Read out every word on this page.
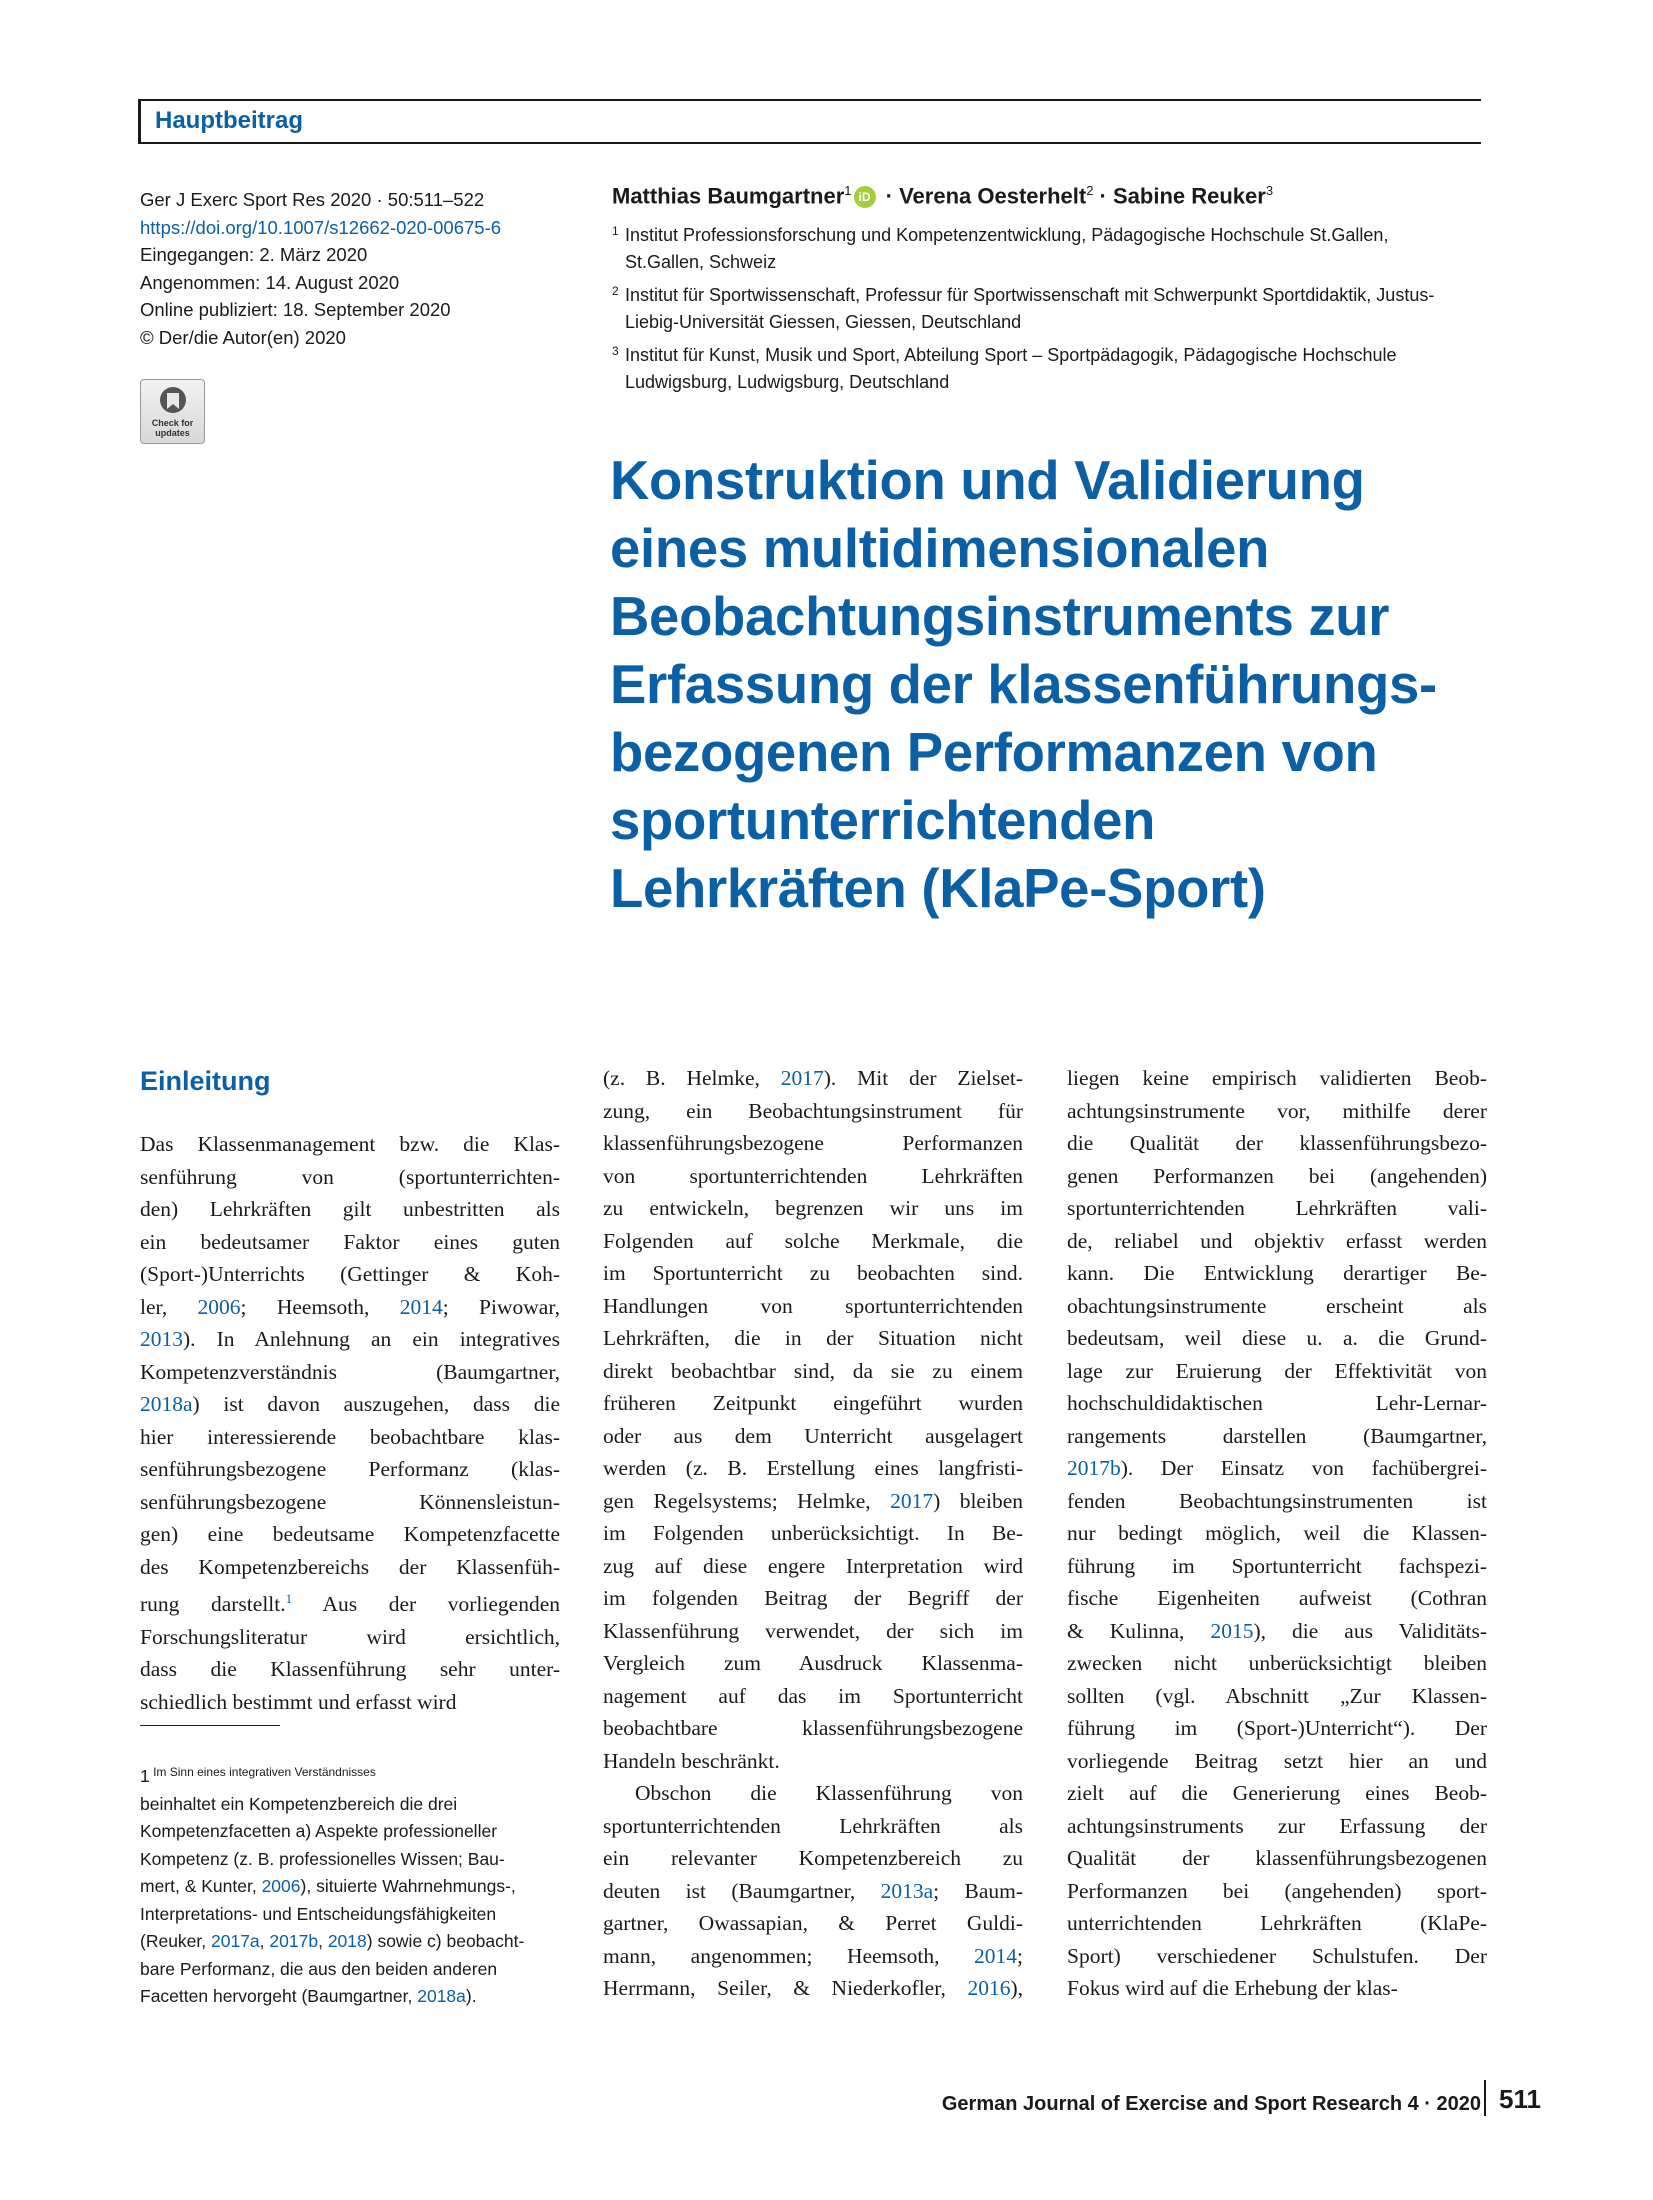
Hauptbeitrag
Ger J Exerc Sport Res 2020 · 50:511–522
https://doi.org/10.1007/s12662-020-00675-6
Eingegangen: 2. März 2020
Angenommen: 14. August 2020
Online publiziert: 18. September 2020
© Der/die Autor(en) 2020
Check for updates
Matthias Baumgartner$^1$ iD · Verena Oesterhelt$^2$ · Sabine Reuker$^3$
1 Institut Professionsforschung und Kompetenzentwicklung, Pädagogische Hochschule St.Gallen,
St.Gallen, Schweiz
2 Institut für Sportwissenschaft, Professur für Sportwissenschaft mit Schwerpunkt Sportdidaktik, Justus-
Liebig-Universität Giessen, Giessen, Deutschland
3 Institut für Kunst, Musik und Sport, Abteilung Sport – Sportpädagogik, Pädagogische Hochschule
Ludwigsburg, Ludwigsburg, Deutschland
Konstruktion und Validierung
eines multidimensionalen
Beobachtungsinstruments zur
Erfassung der klassenführungs-
bezogenen Performanzen von
sportunterrichtenden
Lehrkräften (KlaPe-Sport)
Einleitung
Das Klassenmanagement bzw. die Klas-
senführung von (sportunterrichten-
den) Lehrkräften gilt unbestritten als
ein bedeutsamer Faktor eines guten
(Sport-)Unterrichts (Gettinger & Koh-
ler, 2006; Heemsoth, 2014; Piwowar,
2013). In Anlehnung an ein integratives
Kompetenzverständnis (Baumgartner,
2018a) ist davon auszugehen, dass die
hier interessierende beobachtbare klas-
senführungsbezogene Performanz (klas-
senführungsbezogene Könnensleistun-
gen) eine bedeutsame Kompetenzfacette
des Kompetenzbereichs der Klassenfüh-
rung darstellt.$^1$ Aus der vorliegenden
Forschungsliteratur wird ersichtlich,
dass die Klassenführung sehr unter-
schiedlich bestimmt und erfasst wird
(z. B. Helmke, 2017). Mit der Zielset-
zung, ein Beobachtungsinstrument für
klassenführungsbezogene Performanzen
von sportunterrichtenden Lehrkräften
zu entwickeln, begrenzen wir uns im
Folgenden auf solche Merkmale, die
im Sportunterricht zu beobachten sind.
Handlungen von sportunterrichtenden
Lehrkräften, die in der Situation nicht
direkt beobachtbar sind, da sie zu einem
früheren Zeitpunkt eingeführt wurden
oder aus dem Unterricht ausgelagert
werden (z. B. Erstellung eines langfristi-
gen Regelsystems; Helmke, 2017) bleiben
im Folgenden unberücksichtigt. In Be-
zug auf diese engere Interpretation wird
im folgenden Beitrag der Begriff der
Klassenführung verwendet, der sich im
Vergleich zum Ausdruck Klassenma-
nagement auf das im Sportunterricht
beobachtbare klassenführungsbezogene
Handeln beschränkt.
Obschon die Klassenführung von
sportunterrichtenden Lehrkräften als
ein relevanter Kompetenzbereich zu
deuten ist (Baumgartner, 2013a; Baum-
gartner, Owassapian, & Perret Guldi-
mann, angenommen; Heemsoth, 2014;
Herrmann, Seiler, & Niederkofler, 2016),
liegen keine empirisch validierten Beob-
achtungsinstrumente vor, mithilfe derer
die Qualität der klassenführungsbezo-
genen Performanzen bei (angehenden)
sportunterrichtenden Lehrkräften vali-
de, reliabel und objektiv erfasst werden
kann. Die Entwicklung derartiger Be-
obachtungsinstrumente erscheint als
bedeutsam, weil diese u. a. die Grund-
lage zur Eruierung der Effektivität von
hochschuldidaktischen Lehr-Lernar-
rangements darstellen (Baumgartner,
2017b). Der Einsatz von fachübergrei-
fenden Beobachtungsinstrumenten ist
nur bedingt möglich, weil die Klassen-
führung im Sportunterricht fachspezi-
fische Eigenheiten aufweist (Cothran
& Kulinna, 2015), die aus Validitäts-
zwecken nicht unberücksichtigt bleiben
sollten (vgl. Abschnitt „Zur Klassen-
führung im (Sport-)Unterricht“). Der
vorliegende Beitrag setzt hier an und
zielt auf die Generierung eines Beob-
achtungsinstruments zur Erfassung der
Qualität der klassenführungsbezogenen
Performanzen bei (angehenden) sport-
unterrichtenden Lehrkräften (KlaPe-
Sport) verschiedener Schulstufen. Der
Fokus wird auf die Erhebung der klas-
1 $^{Im Sinn eines integrativen Verständnisses}$
beinhaltet ein Kompetenzbereich die drei
Kompetenzfacetten a) Aspekte professioneller
Kompetenz (z. B. professionelles Wissen; Bau-
mert, & Kunter, 2006), situierte Wahrnehmungs-,
Interpretations- und Entscheidungsfähigkeiten
(Reuker, 2017a, 2017b, 2018) sowie c) beobacht-
bare Performanz, die aus den beiden anderen
Facetten hervorgeht (Baumgartner, 2018a).
German Journal of Exercise and Sport Research 4 · 2020 511
